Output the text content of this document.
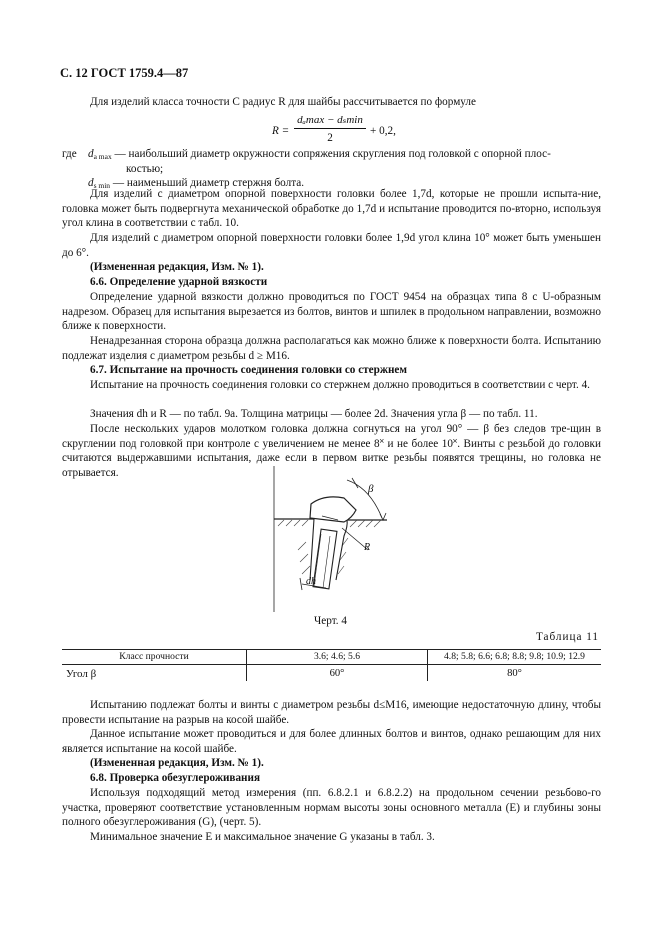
С. 12 ГОСТ 1759.4—87
Для изделий класса точности С радиус R для шайбы рассчитывается по формуле
R =
dₐmax − dₛmin
2
+ 0,2,
где $d_{a max}$ — наибольший диаметр окружности сопряжения скругления под головкой с опорной плос-
костью;
$d_{s min}$ — наименьший диаметр стержня болта.
Для изделий с диаметром опорной поверхности головки более 1,7d, которые не прошли испыта-ние, головка может быть подвергнута механической обработке до 1,7d и испытание проводится по-вторно, используя угол клина в соответствии с табл. 10.
Для изделий с диаметром опорной поверхности головки более 1,9d угол клина 10° может быть уменьшен до 6°.
(Измененная редакция, Изм. № 1).
6.6. Определение ударной вязкости
Определение ударной вязкости должно проводиться по ГОСТ 9454 на образцах типа 8 с U-образным надрезом. Образец для испытания вырезается из болтов, винтов и шпилек в продольном направлении, возможно ближе к поверхности.
Ненадрезанная сторона образца должна располагаться как можно ближе к поверхности болта. Испытанию подлежат изделия с диаметром резьбы d ≥ М16.
6.7. Испытание на прочность соединения головки со стержнем
Испытание на прочность соединения головки со стержнем должно проводиться в соответствии с черт. 4.
Значения dh и R — по табл. 9а. Толщина матрицы — более 2d. Значения угла β — по табл. 11.
После нескольких ударов молотком головка должна согнуться на угол 90° — β без следов тре-щин в скруглении под головкой при контроле с увеличением не менее 8˟ и не более 10˟. Винты с резьбой до головки считаются выдержавшими испытания, даже если в первом витке резьбы появятся трещины, но головка не отрывается.
β
R
dh
Черт. 4
Таблица 11
Класс прочности	3.6; 4.6; 5.6	4.8; 5.8; 6.6; 6.8; 8.8; 9.8; 10.9; 12.9
Угол β	60°	80°
Испытанию подлежат болты и винты с диаметром резьбы d≤М16, имеющие недостаточную длину, чтобы провести испытание на разрыв на косой шайбе.
Данное испытание может проводиться и для более длинных болтов и винтов, однако решающим для них является испытание на косой шайбе.
(Измененная редакция, Изм. № 1).
6.8. Проверка обезуглероживания
Используя подходящий метод измерения (пп. 6.8.2.1 и 6.8.2.2) на продольном сечении резьбово-го участка, проверяют соответствие установленным нормам высоты зоны основного металла (E) и глубины зоны полного обезуглероживания (G), (черт. 5).
Минимальное значение E и максимальное значение G указаны в табл. 3.
